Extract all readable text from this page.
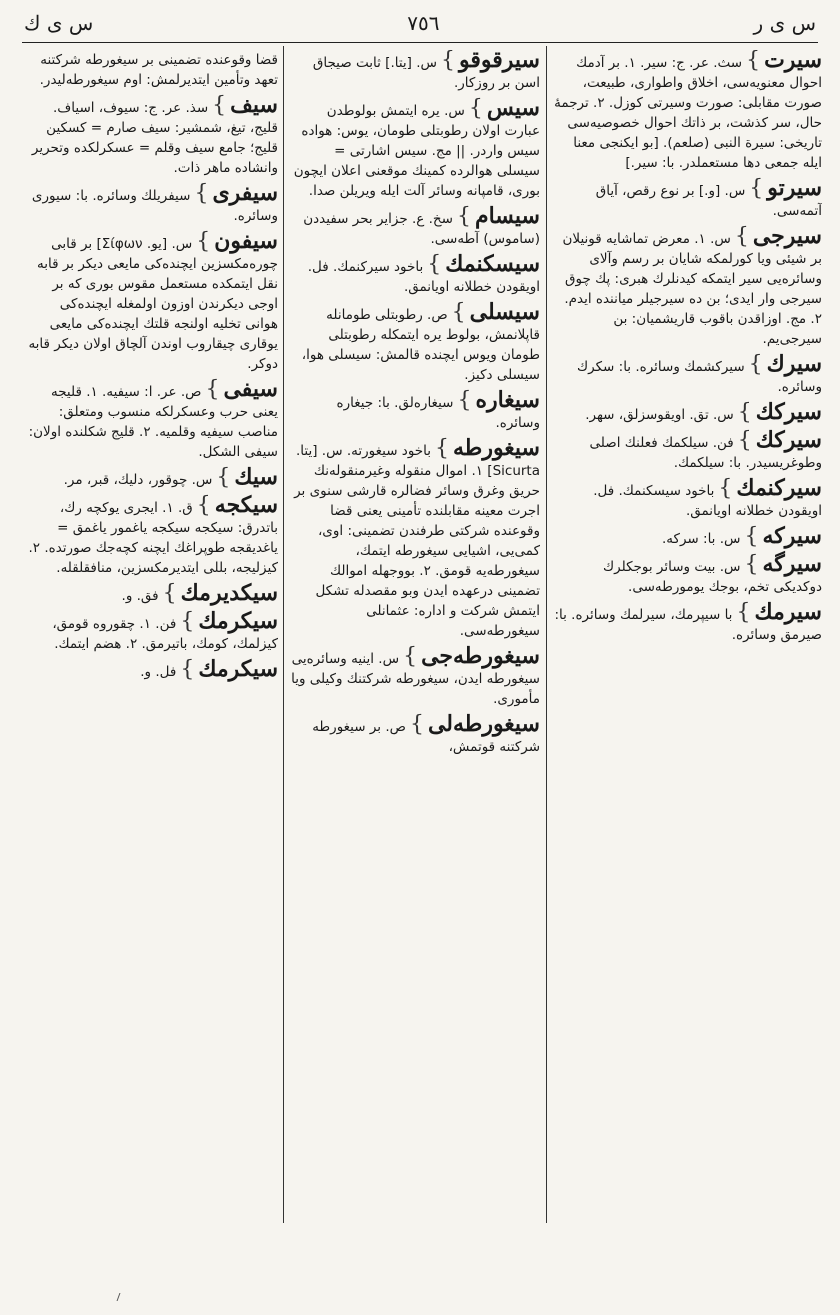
س ی ك	٧٥٦	س ی ر
سیرت}سث. عر. ج: سیر. ١. بر آدمك احوال معنویه‌سی، اخلاق واطواری، طبیعت، صورت مقابلی: صورت وسیرتی کوزل. ٢. ترجمهٔ حال، سر کذشت، بر ذاتك احوال خصوصیه‌سی تاریخی: سیرة النبی (صلعم). [بو ایکنجی معنا ایله جمعی دها مستعملدر. با: سیر.]
سیرتو}س. [و.] بر نوع رقص، آیاق آتمه‌سی.
سیرجی}س. ١. معرض تماشایه قونیلان بر شیئی ویا کورلمکه شایان بر رسم وآلای وسائره‌یی سیر ایتمکه کیدنلرك هبری: پك چوق سیرجی وار ایدی؛ بن ده سیرجیلر میاننده ایدم. ٢. مج. اوزاقدن باقوب قاریشمیان: بن سیرجی‌یم.
سیرك}سیرکشمك وسائره. با: سکرك وسائره.
سیركك}س. تق. اویقوسزلق، سهر.
سیركك}فن. سیلکمك فعلنك اصلی وطوغریسیدر. با: سیلکمك.
سیرکنمك}باخود سیسکنمك. فل. اویقودن خطلانه اویانمق.
سیرکه}س. با: سرکه.
سیرگه}س. بیت وسائر بوجکلرك دوکدیکی تخم، بوجك یومورطه‌سی.
سیرمك}با سیپرمك، سیرلمك وسائره. با: صیرمق وسائره.
سیرقوقو}س. [یتا.] ثابت صیجاق اسن بر روزکار.
سیس}س. یره ایتمش بولوطدن عبارت اولان رطوبتلی طومان، یوس: هواده سیس واردر. || مج. سیس اشارتی = سیسلی هوالرده کمینك موقعنی اعلان ایچون بوری، قامپانه وسائر آلت ایله ویریلن صدا.
سیسام}سخ. ع. جزایر بحر سفیددن (ساموس) آطه‌سی.
سیسکنمك}باخود سیرکنمك. فل. اویقودن خطلانه اویانمق.
سیسلی}ص. رطوبتلی طومانله قاپلانمش، بولوط یره ایتمکله رطوبتلی طومان ویوس ایچنده قالمش: سیسلی هوا، سیسلی دکیز.
سیغاره}سیغاره‌لق. با: جیغاره وسائره.
سیغورطه}باخود سیغورته. س. [یتا. Sicurta] ١. اموال منقوله وغیرمنقوله‌نك حریق وغرق وسائر فضالره قارشی سنوی بر اجرت معینه مقابلنده تأمینی یعنی قضا وقوعنده شرکتی طرفندن تضمینی: اوی، کمی‌یی، اشیایی سیغورطه ایتمك، سیغورطه‌یه قومق. ٢. بووجهله اموالك تضمینی درعهده ایدن وبو مقصدله تشکل ایتمش شرکت و اداره: عثمانلی سیغورطه‌سی.
سیغورطه‌جی}س. اینیه وسائره‌یی سیغورطه ایدن، سیغورطه شرکتنك وکیلی ویا مأموری.
سیغورطه‌لی}ص. بر سیغورطه شرکتنه قوتمش،
قضا وقوعنده تضمینی بر سیغورطه شرکتنه تعهد وتأمین ایتدیرلمش: اوم سیغورطه‌لیدر.
سیف}سذ. عر. ج: سیوف، اسیاف. قلیج، تیغ، شمشیر: سیف صارم = کسکین قلیج؛ جامع سیف وقلم = عسکرلکده وتحریر وانشاده ماهر ذات.
سیفری}سیفریلك وسائره. با: سیوری وسائره.
سیفون}س. [یو. Σίφων] بر قابی چوره‌مکسزین ایچنده‌کی مایعی دیکر بر قابه نقل ایتمکده مستعمل مقوس بوری که بر اوجی دیکرندن اوزون اولمغله ایچنده‌کی هوانی تخلیه اولنجه قلتك ایچنده‌کی مایعی یوقاری چیقاروب اوندن آلچاق اولان دیکر قابه دوکر.
سیفی}ص. عر. ا: سیفیه. ١. قلیجه یعنی حرب وعسکرلکه منسوب ومتعلق: مناصب سیفیه وقلمیه. ٢. قلیج شکلنده اولان: سیفی الشکل.
سیك}س. چوقور، دلیك، قبر، مر.
سیكجه}ق. ١. ایجری یوکچه رك، باتدرق: سیكجه سیكجه یاغمور یاغمق = یاغدیقجه طوپراغك ایچنه کچه‌جك صورتده. ٢. کیزلیجه، بللی ایتدیرمکسزین، منافقلقله.
سیكدیرمك}فق. و.
سیكرمك}فن. ١. چقوروه قومق، کیزلمك، کومك، باتیرمق. ٢. هضم ایتمك.
سیكرمك}فل. و.
